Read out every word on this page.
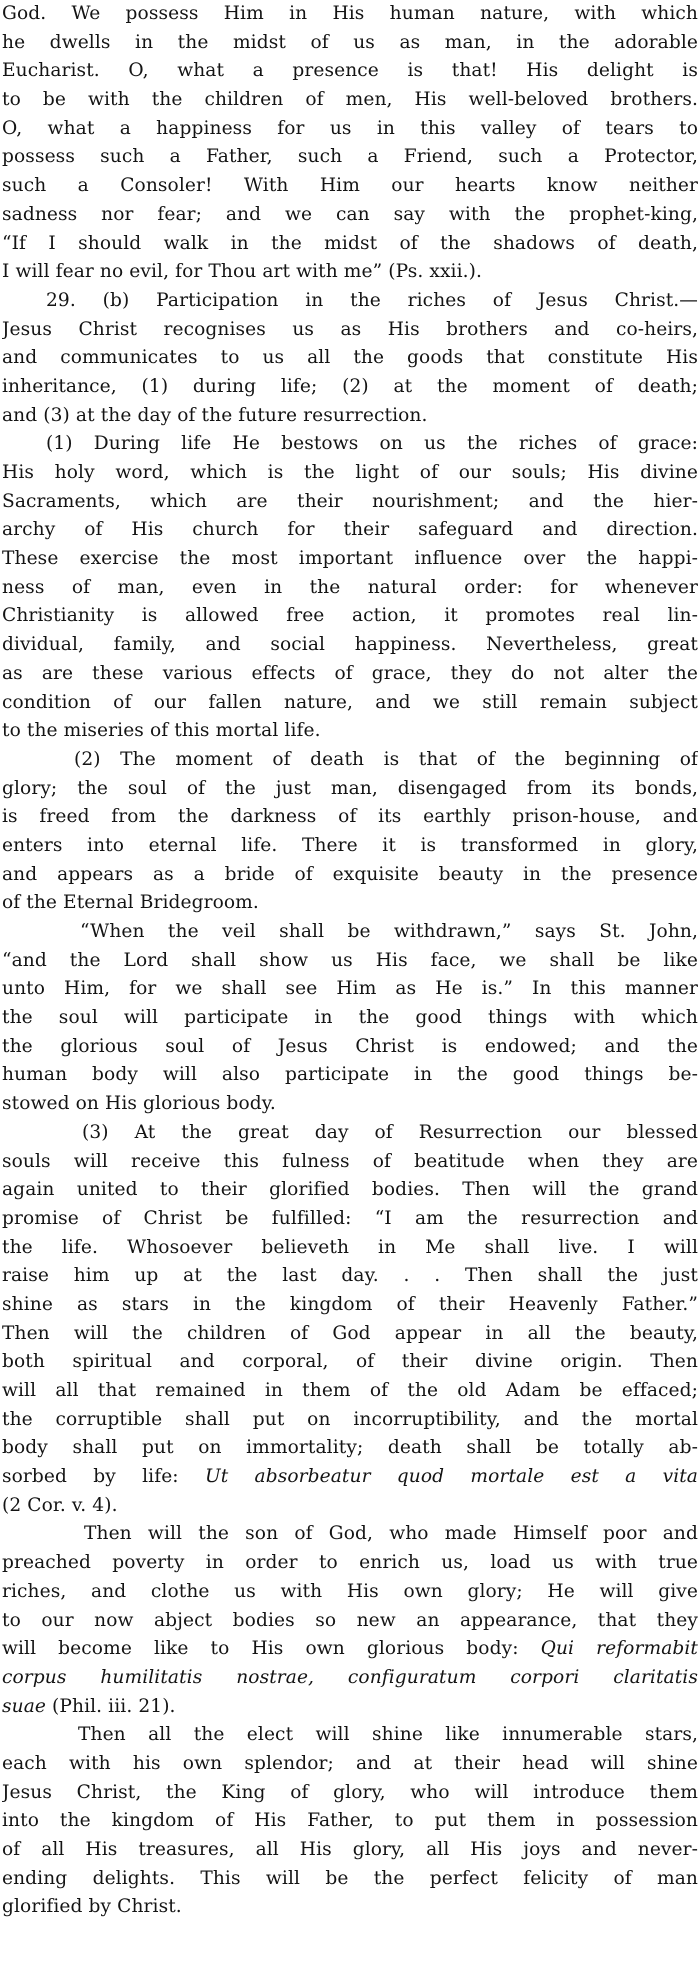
God. We possess Him in His human nature, with which
he dwells in the midst of us as man, in the adorable
Eucharist. O, what a presence is that! His delight is
to be with the children of men, His well-beloved brothers.
O, what a happiness for us in this valley of tears to
possess such a Father, such a Friend, such a Protector,
such a Consoler! With Him our hearts know neither
sadness nor fear; and we can say with the prophet-king,
“If I should walk in the midst of the shadows of death,
I will fear no evil, for Thou art with me” (Ps. xxii.).
29. (b) Participation in the riches of Jesus Christ.—
Jesus Christ recognises us as His brothers and co-heirs,
and communicates to us all the goods that constitute His
inheritance, (1) during life; (2) at the moment of death;
and (3) at the day of the future resurrection.
(1) During life He bestows on us the riches of grace:
His holy word, which is the light of our souls; His divine
Sacraments, which are their nourishment; and the hier-
archy of His church for their safeguard and direction.
These exercise the most important influence over the happi-
ness of man, even in the natural order: for whenever
Christianity is allowed free action, it promotes real lin-
dividual, family, and social happiness. Nevertheless, great
as are these various effects of grace, they do not alter the
condition of our fallen nature, and we still remain subject
to the miseries of this mortal life.
(2) The moment of death is that of the beginning of
glory; the soul of the just man, disengaged from its bonds,
is freed from the darkness of its earthly prison-house, and
enters into eternal life. There it is transformed in glory,
and appears as a bride of exquisite beauty in the presence
of the Eternal Bridegroom.
“When the veil shall be withdrawn,” says St. John,
“and the Lord shall show us His face, we shall be like
unto Him, for we shall see Him as He is.” In this manner
the soul will participate in the good things with which
the glorious soul of Jesus Christ is endowed; and the
human body will also participate in the good things be-
stowed on His glorious body.
(3) At the great day of Resurrection our blessed
souls will receive this fulness of beatitude when they are
again united to their glorified bodies. Then will the grand
promise of Christ be fulfilled: “I am the resurrection and
the life. Whosoever believeth in Me shall live. I will
raise him up at the last day. . . Then shall the just
shine as stars in the kingdom of their Heavenly Father.”
Then will the children of God appear in all the beauty,
both spiritual and corporal, of their divine origin. Then
will all that remained in them of the old Adam be effaced;
the corruptible shall put on incorruptibility, and the mortal
body shall put on immortality; death shall be totally ab-
sorbed by life: Ut absorbeatur quod mortale est a vita
(2 Cor. v. 4).
Then will the son of God, who made Himself poor and
preached poverty in order to enrich us, load us with true
riches, and clothe us with His own glory; He will give
to our now abject bodies so new an appearance, that they
will become like to His own glorious body: Qui reformabit
corpus humilitatis nostrae, configuratum corpori claritatis
suae (Phil. iii. 21).
Then all the elect will shine like innumerable stars,
each with his own splendor; and at their head will shine
Jesus Christ, the King of glory, who will introduce them
into the kingdom of His Father, to put them in possession
of all His treasures, all His glory, all His joys and never-
ending delights. This will be the perfect felicity of man
glorified by Christ.
